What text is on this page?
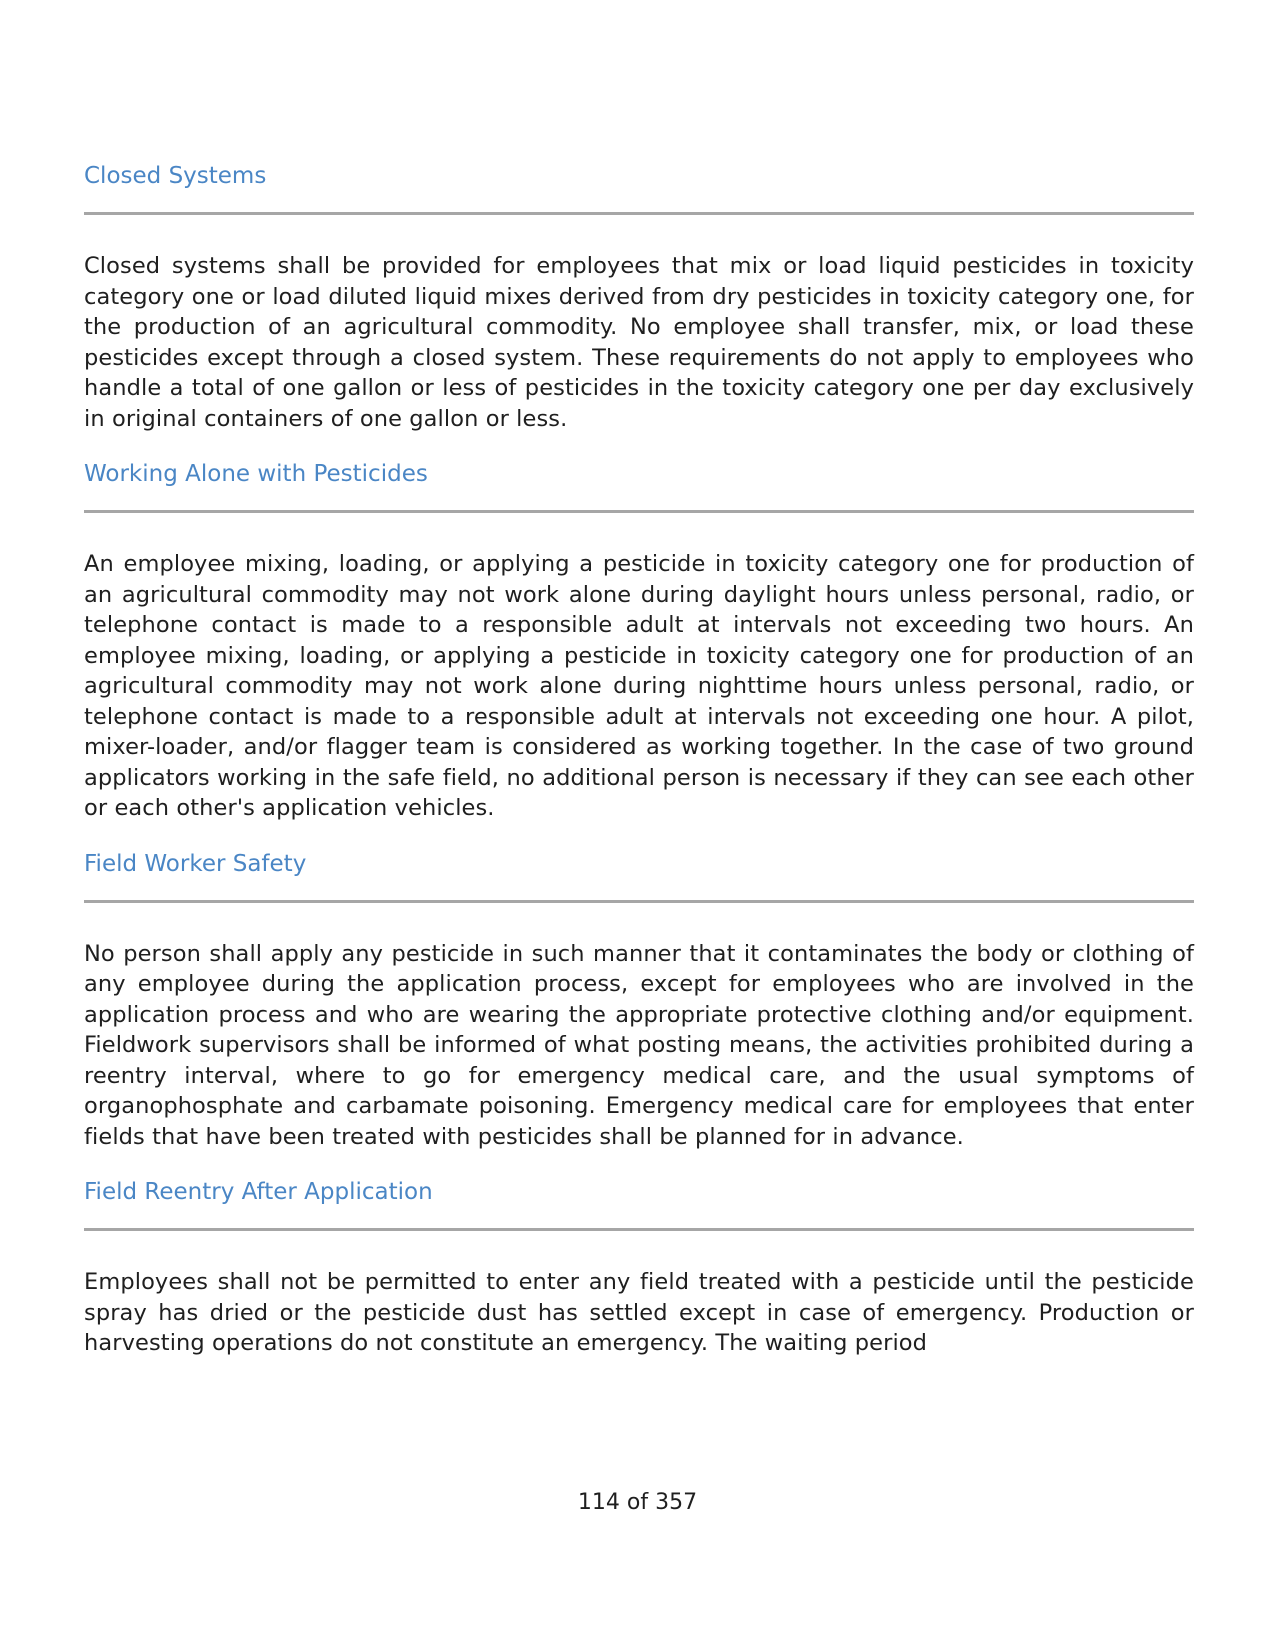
Closed Systems

Closed systems shall be provided for employees that mix or load liquid pesticides in toxicity category one or load diluted liquid mixes derived from dry pesticides in toxicity category one, for the production of an agricultural commodity. No employee shall transfer, mix, or load these pesticides except through a closed system. These requirements do not apply to employees who handle a total of one gallon or less of pesticides in the toxicity category one per day exclusively in original containers of one gallon or less.

Working Alone with Pesticides

An employee mixing, loading, or applying a pesticide in toxicity category one for production of an agricultural commodity may not work alone during daylight hours unless personal, radio, or telephone contact is made to a responsible adult at intervals not exceeding two hours. An employee mixing, loading, or applying a pesticide in toxicity category one for production of an agricultural commodity may not work alone during nighttime hours unless personal, radio, or telephone contact is made to a responsible adult at intervals not exceeding one hour. A pilot, mixer-loader, and/or flagger team is considered as working together. In the case of two ground applicators working in the safe field, no additional person is necessary if they can see each other or each other's application vehicles.

Field Worker Safety

No person shall apply any pesticide in such manner that it contaminates the body or clothing of any employee during the application process, except for employees who are involved in the application process and who are wearing the appropriate protective clothing and/or equipment. Fieldwork supervisors shall be informed of what posting means, the activities prohibited during a reentry interval, where to go for emergency medical care, and the usual symptoms of organophosphate and carbamate poisoning. Emergency medical care for employees that enter fields that have been treated with pesticides shall be planned for in advance.

Field Reentry After Application

Employees shall not be permitted to enter any field treated with a pesticide until the pesticide spray has dried or the pesticide dust has settled except in case of emergency. Production or harvesting operations do not constitute an emergency. The waiting period

114 of 357
